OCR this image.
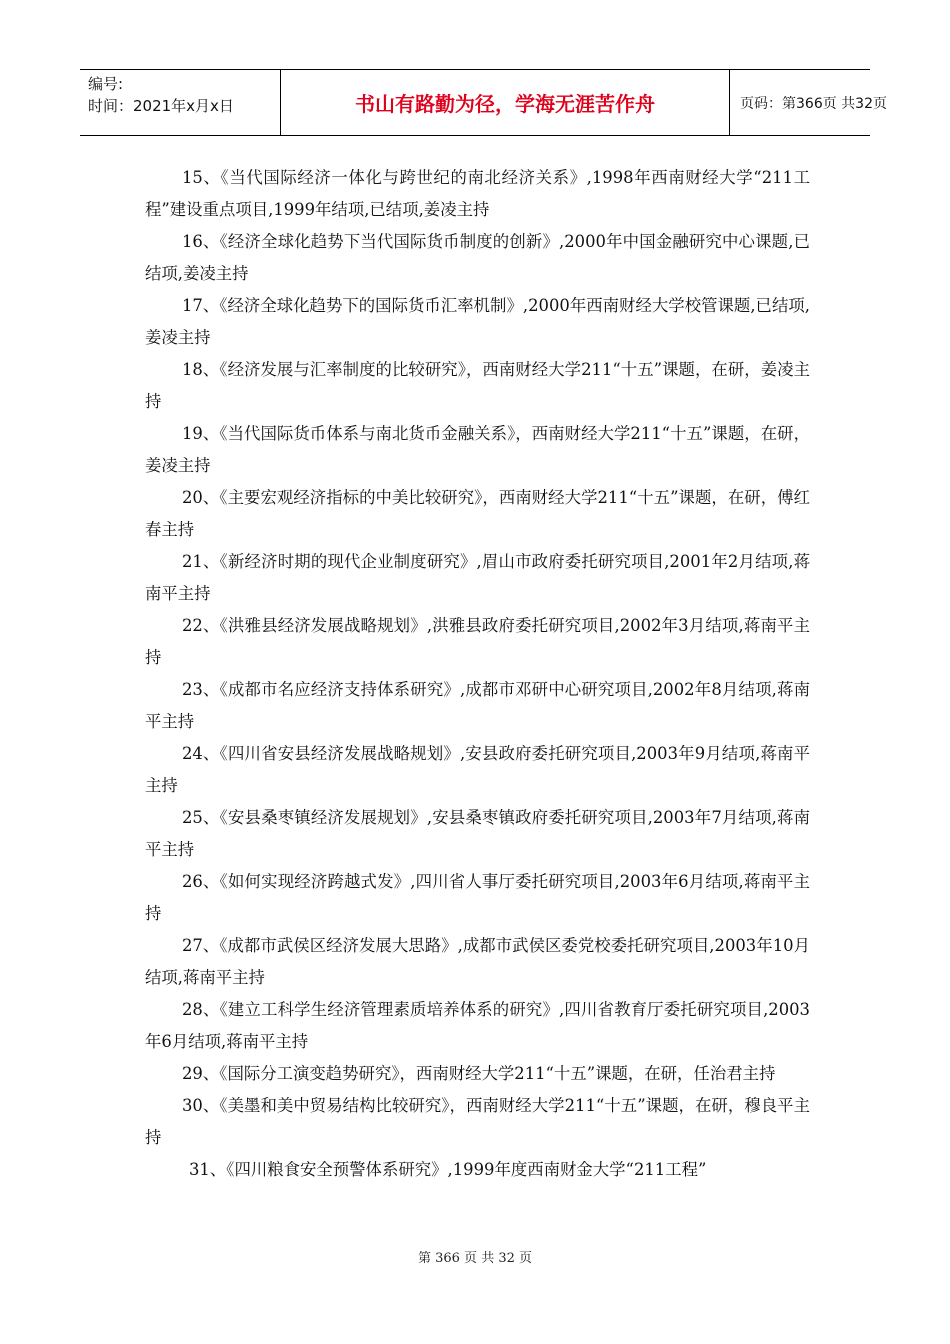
编号:
时间：2021年x月x日	书山有路勤为径，学海无涯苦作舟	页码：第366页 共32页

15、《当代国际经济一体化与跨世纪的南北经济关系》,1998年西南财经大学“211工程”建设重点项目,1999年结项,已结项,姜凌主持

16、《经济全球化趋势下当代国际货币制度的创新》,2000年中国金融研究中心课题,已结项,姜凌主持

17、《经济全球化趋势下的国际货币汇率机制》,2000年西南财经大学校管课题,已结项,姜凌主持

18、《经济发展与汇率制度的比较研究》，西南财经大学211“十五”课题，在研，姜凌主持

19、《当代国际货币体系与南北货币金融关系》，西南财经大学211“十五”课题，在研，姜凌主持

20、《主要宏观经济指标的中美比较研究》，西南财经大学211“十五”课题，在研，傅红春主持

21、《新经济时期的现代企业制度研究》,眉山市政府委托研究项目,2001年2月结项,蒋南平主持

22、《洪雅县经济发展战略规划》,洪雅县政府委托研究项目,2002年3月结项,蒋南平主持

23、《成都市名应经济支持体系研究》,成都市邓研中心研究项目,2002年8月结项,蒋南平主持

24、《四川省安县经济发展战略规划》,安县政府委托研究项目,2003年9月结项,蒋南平主持

25、《安县桑枣镇经济发展规划》,安县桑枣镇政府委托研究项目,2003年7月结项,蒋南平主持

26、《如何实现经济跨越式发》,四川省人事厅委托研究项目,2003年6月结项,蒋南平主持

27、《成都市武侯区经济发展大思路》,成都市武侯区委党校委托研究项目,2003年10月结项,蒋南平主持

28、《建立工科学生经济管理素质培养体系的研究》,四川省教育厅委托研究项目,2003年6月结项,蒋南平主持

29、《国际分工演变趋势研究》，西南财经大学211“十五”课题，在研，任治君主持

30、《美墨和美中贸易结构比较研究》，西南财经大学211“十五”课题，在研，穆良平主持

31、《四川粮食安全预警体系研究》,1999年度西南财金大学“211工程”

第 366 页 共 32 页
